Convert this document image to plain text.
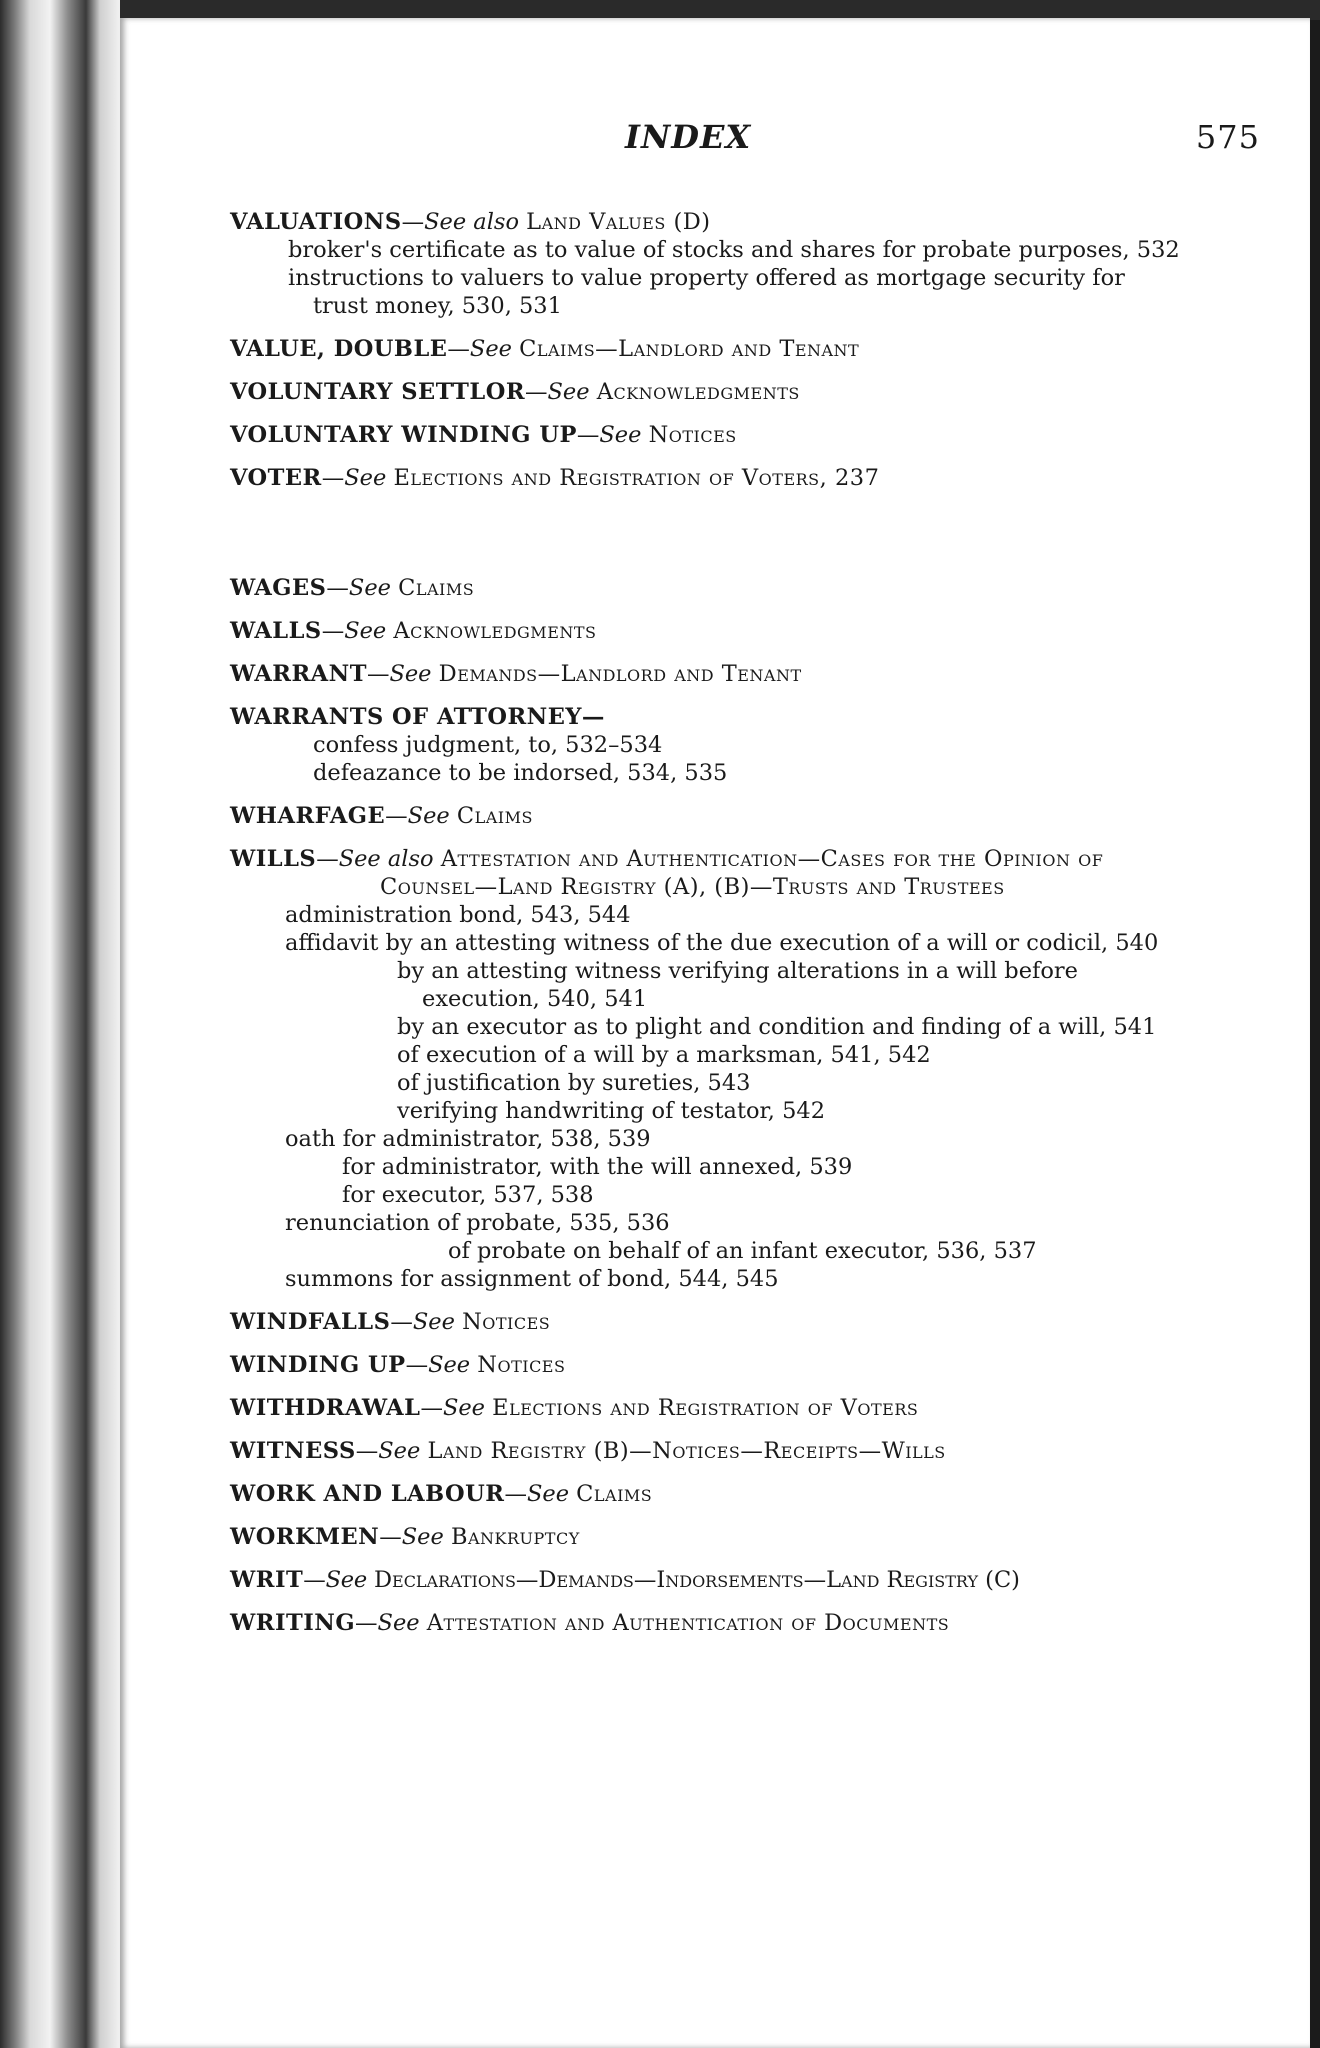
INDEX	575
VALUATIONS—See also Land Values (D)
broker's certificate as to value of stocks and shares for probate purposes, 532
instructions to valuers to value property offered as mortgage security for trust money, 530, 531
VALUE, DOUBLE—See Claims—Landlord and Tenant
VOLUNTARY SETTLOR—See Acknowledgments
VOLUNTARY WINDING UP—See Notices
VOTER—See Elections and Registration of Voters, 237
WAGES—See Claims
WALLS—See Acknowledgments
WARRANT—See Demands—Landlord and Tenant
WARRANTS OF ATTORNEY—
confess judgment, to, 532–534
defeazance to be indorsed, 534, 535
WHARFAGE—See Claims
WILLS—See also Attestation and Authentication—Cases for the Opinion of Counsel—Land Registry (A), (B)—Trusts and Trustees
administration bond, 543, 544
affidavit by an attesting witness of the due execution of a will or codicil, 540
by an attesting witness verifying alterations in a will before execution, 540, 541
by an executor as to plight and condition and finding of a will, 541
of execution of a will by a marksman, 541, 542
of justification by sureties, 543
verifying handwriting of testator, 542
oath for administrator, 538, 539
for administrator, with the will annexed, 539
for executor, 537, 538
renunciation of probate, 535, 536
of probate on behalf of an infant executor, 536, 537
summons for assignment of bond, 544, 545
WINDFALLS—See Notices
WINDING UP—See Notices
WITHDRAWAL—See Elections and Registration of Voters
WITNESS—See Land Registry (B)—Notices—Receipts—Wills
WORK AND LABOUR—See Claims
WORKMEN—See Bankruptcy
WRIT—See Declarations—Demands—Indorsements—Land Registry (C)
WRITING—See Attestation and Authentication of Documents
